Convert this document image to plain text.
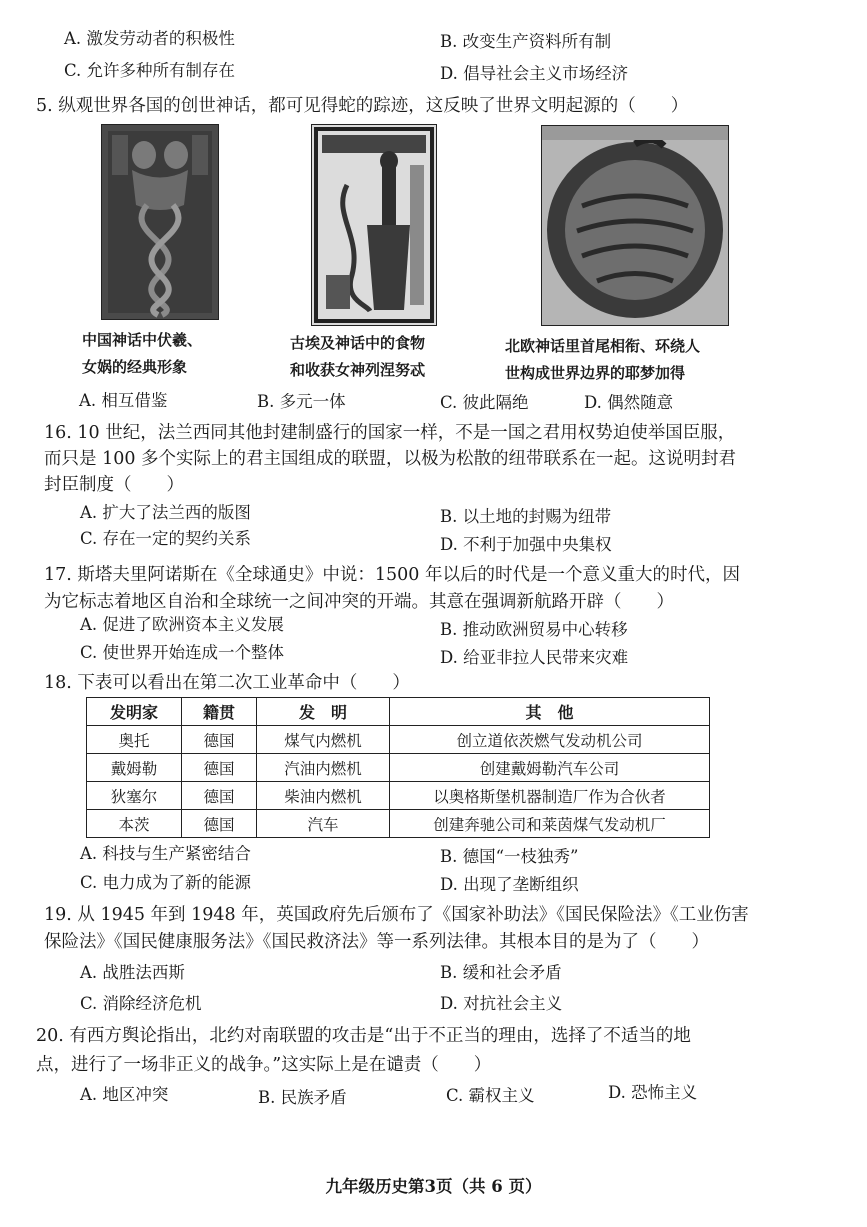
A. 激发劳动者的积极性	B. 改变生产资料所有制
C. 允许多种所有制存在	D. 倡导社会主义市场经济
5. 纵观世界各国的创世神话，都可见得蛇的踪迹，这反映了世界文明起源的（　　）
中国神话中伏羲、
女娲的经典形象
古埃及神话中的食物
和收获女神列涅努忒
北欧神话里首尾相衔、环绕人
世构成世界边界的耶梦加得
A. 相互借鉴	B. 多元一体	C. 彼此隔绝	D. 偶然随意
16. 10 世纪，法兰西同其他封建制盛行的国家一样，不是一国之君用权势迫使举国臣服，
而只是 100 多个实际上的君主国组成的联盟，以极为松散的纽带联系在一起。这说明封君
封臣制度（　　）
A. 扩大了法兰西的版图	B. 以土地的封赐为纽带
C. 存在一定的契约关系	D. 不利于加强中央集权
17. 斯塔夫里阿诺斯在《全球通史》中说：1500 年以后的时代是一个意义重大的时代，因
为它标志着地区自治和全球统一之间冲突的开端。其意在强调新航路开辟（　　）
A. 促进了欧洲资本主义发展	B. 推动欧洲贸易中心转移
C. 使世界开始连成一个整体	D. 给亚非拉人民带来灾难
18. 下表可以看出在第二次工业革命中（　　）
发明家	籍贯	发　明	其　他
奥托	德国	煤气内燃机	创立道依茨燃气发动机公司
戴姆勒	德国	汽油内燃机	创建戴姆勒汽车公司
狄塞尔	德国	柴油内燃机	以奥格斯堡机器制造厂作为合伙者
本茨	德国	汽车	创建奔驰公司和莱茵煤气发动机厂
A. 科技与生产紧密结合	B. 德国“一枝独秀”
C. 电力成为了新的能源	D. 出现了垄断组织
19. 从 1945 年到 1948 年，英国政府先后颁布了《国家补助法》《国民保险法》《工业伤害
保险法》《国民健康服务法》《国民救济法》等一系列法律。其根本目的是为了（　　）
A. 战胜法西斯	B. 缓和社会矛盾
C. 消除经济危机	D. 对抗社会主义
20. 有西方舆论指出，北约对南联盟的攻击是“出于不正当的理由，选择了不适当的地
点，进行了一场非正义的战争。”这实际上是在谴责（　　）
A. 地区冲突	B. 民族矛盾	C. 霸权主义	D. 恐怖主义
九年级历史第3页（共 6 页）
